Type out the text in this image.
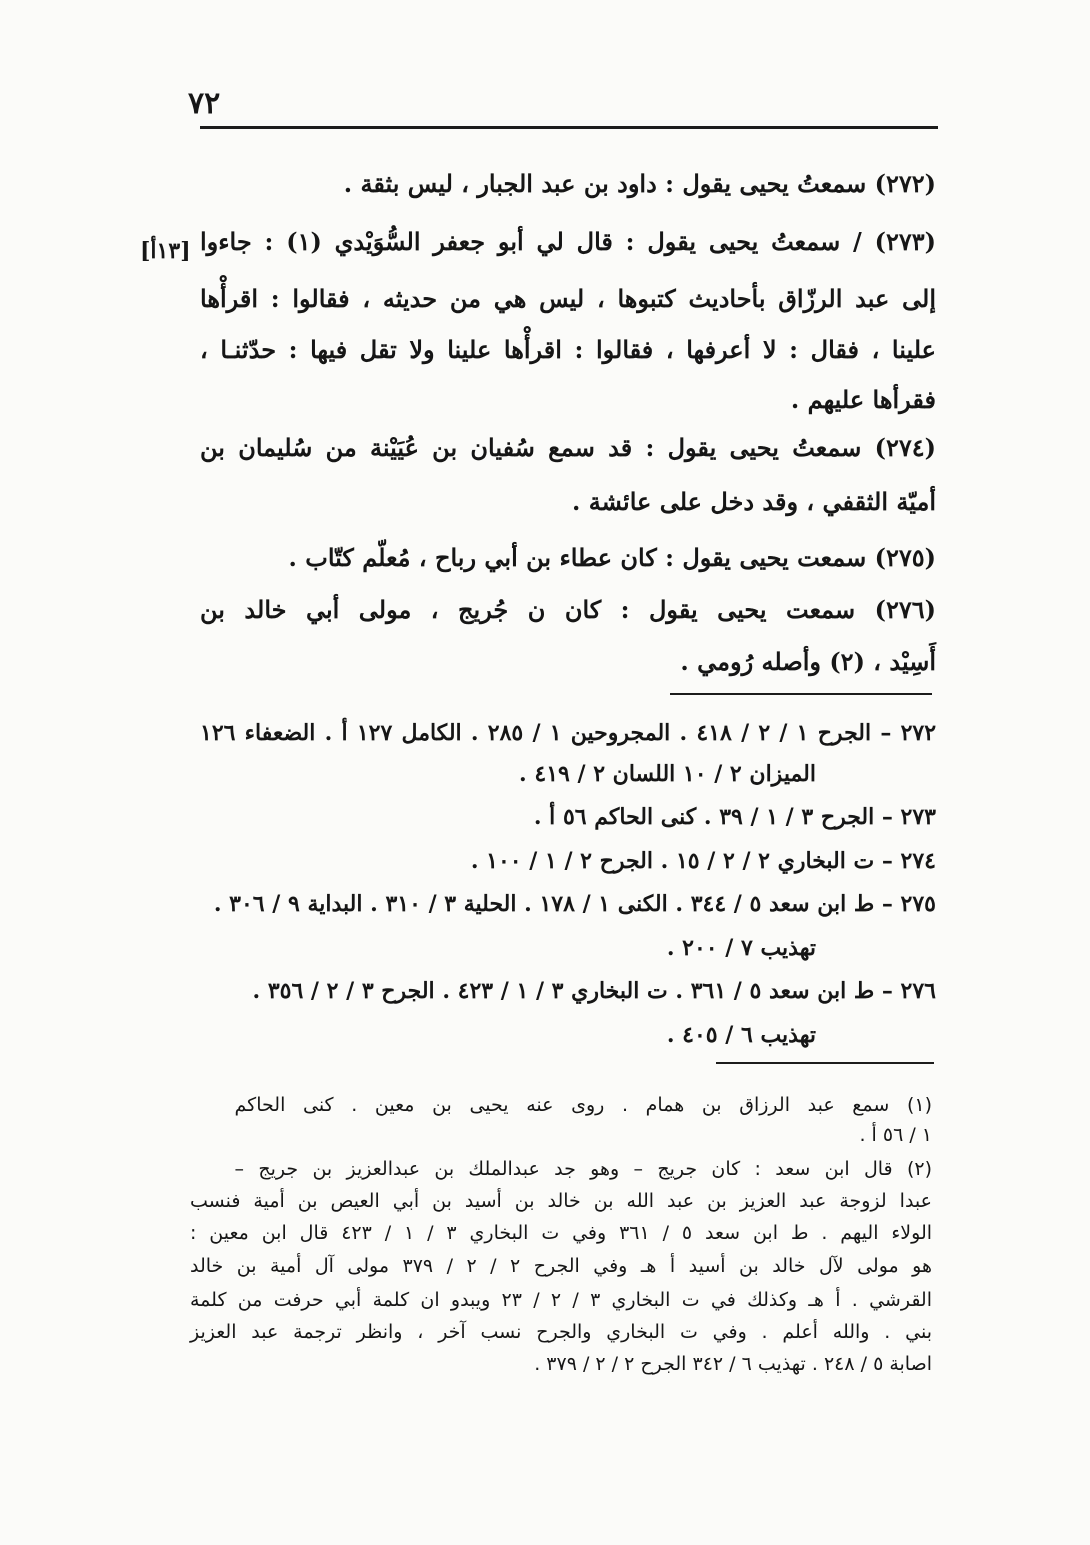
٧٢
[١٣أ]
(٢٧٢) سمعتُ يحيى يقول : داود بن عبد الجبار ، ليس بثقة .
(٢٧٣) / سمعتُ يحيى يقول : قال لي أبو جعفر السُّوَيْدي (١) : جاءوا
إلى عبد الرزّاق بأحاديث كتبوها ، ليس هي من حديثه ، فقالوا : اقرأْها
علينا ، فقال : لا أعرفها ، فقالوا : اقرأْها علينا ولا تقل فيها : حدّثنـا ،
فقرأها عليهم .
(٢٧٤) سمعتُ يحيى يقول : قد سمع سُفيان بن عُيَيْنة من سُليمان بن
أميّة الثقفي ، وقد دخل على عائشة .
(٢٧٥) سمعت يحيى يقول : كان عطاء بن أبي رباح ، مُعلّم كتّاب .
(٢٧٦) سمعت يحيى يقول : كان ن جُريج ، مولى أبي خالد بن
أَسِيْد ، (٢) وأصله رُومي .
٢٧٢ – الجرح ١ / ٢ / ٤١٨ . المجروحين ١ / ٢٨٥ . الكامل ١٢٧ أ . الضعفاء ١٢٦
الميزان ٢ / ١٠ اللسان ٢ / ٤١٩ .
٢٧٣ – الجرح ٣ / ١ / ٣٩ . كنى الحاكم ٥٦ أ .
٢٧٤ – ت البخاري ٢ / ٢ / ١٥ . الجرح ٢ / ١ / ١٠٠ .
٢٧٥ – ط ابن سعد ٥ / ٣٤٤ . الكنى ١ / ١٧٨ . الحلية ٣ / ٣١٠ . البداية ٩ / ٣٠٦ .
تهذيب ٧ / ٢٠٠ .
٢٧٦ – ط ابن سعد ٥ / ٣٦١ . ت البخاري ٣ / ١ / ٤٢٣ . الجرح ٣ / ٢ / ٣٥٦ .
تهذيب ٦ / ٤٠٥ .
(١) سمع عبد الرزاق بن همام . روى عنه يحيى بن معين . كنى الحاكم
١ / ٥٦ أ .
(٢) قال ابن سعد : كان جريج – وهو جد عبدالملك بن عبدالعزيز بن جريج –
عبدا لزوجة عبد العزيز بن عبد الله بن خالد بن أسيد بن أبي العيص بن أمية فنسب
الولاء اليهم . ط ابن سعد ٥ / ٣٦١ وفي ت البخاري ٣ / ١ / ٤٢٣ قال ابن معين :
هو مولى لآل خالد بن أسيد أ هـ وفي الجرح ٢ / ٢ / ٣٧٩ مولى آل أمية بن خالد
القرشي . أ هـ وكذلك في ت البخاري ٣ / ٢ / ٢٣ ويبدو ان كلمة أبي حرفت من كلمة
بني . والله أعلم . وفي ت البخاري والجرح نسب آخر ، وانظر ترجمة عبد العزيز
اصابة ٥ / ٢٤٨ . تهذيب ٦ / ٣٤٢ الجرح ٢ / ٢ / ٣٧٩ .
